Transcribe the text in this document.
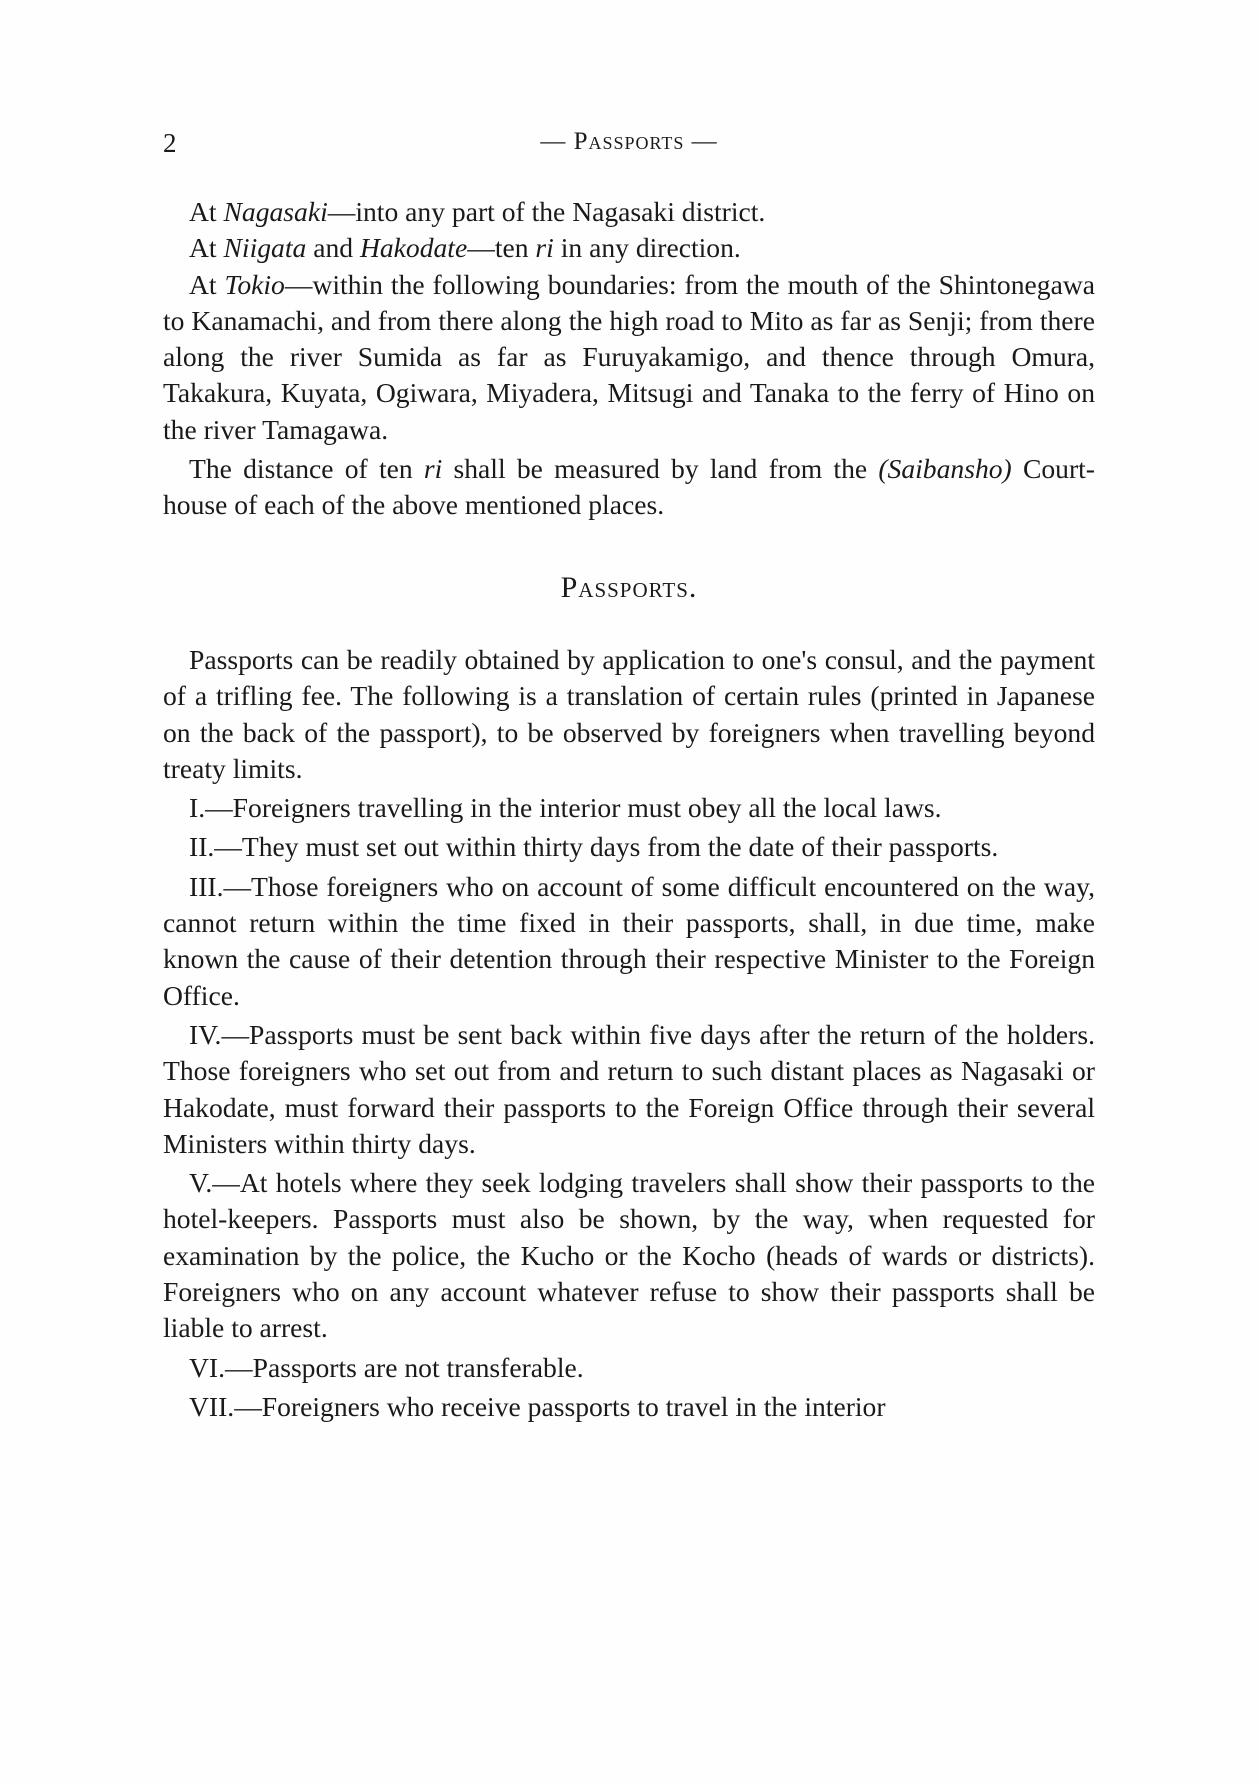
2	— Passports —

At Nagasaki—into any part of the Nagasaki district.

At Niigata and Hakodate—ten ri in any direction.

At Tokio—within the following boundaries: from the mouth of the Shintonegawa to Kanamachi, and from there along the high road to Mito as far as Senji; from there along the river Sumida as far as Furuyakamigo, and thence through Omura, Takakura, Kuyata, Ogiwara, Miyadera, Mitsugi and Tanaka to the ferry of Hino on the river Tamagawa.

The distance of ten ri shall be measured by land from the (Saibansho) Court-house of each of the above mentioned places.

Passports.

Passports can be readily obtained by application to one's consul, and the payment of a trifling fee. The following is a translation of certain rules (printed in Japanese on the back of the passport), to be observed by foreigners when travelling beyond treaty limits.

I.—Foreigners travelling in the interior must obey all the local laws.

II.—They must set out within thirty days from the date of their passports.

III.—Those foreigners who on account of some difficult encountered on the way, cannot return within the time fixed in their passports, shall, in due time, make known the cause of their detention through their respective Minister to the Foreign Office.

IV.—Passports must be sent back within five days after the return of the holders. Those foreigners who set out from and return to such distant places as Nagasaki or Hakodate, must forward their passports to the Foreign Office through their several Ministers within thirty days.

V.—At hotels where they seek lodging travelers shall show their passports to the hotel-keepers. Passports must also be shown, by the way, when requested for examination by the police, the Kucho or the Kocho (heads of wards or districts). Foreigners who on any account whatever refuse to show their passports shall be liable to arrest.

VI.—Passports are not transferable.

VII.—Foreigners who receive passports to travel in the interior
